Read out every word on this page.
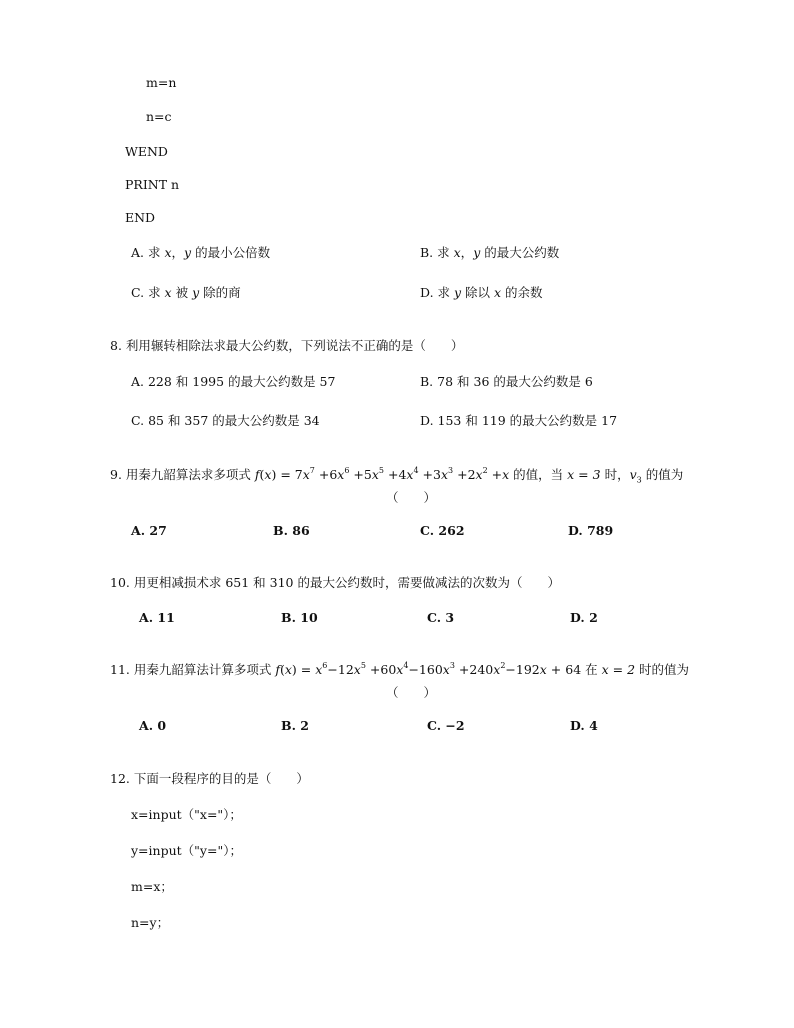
m=n
n=c
WEND
PRINT n
END
A. 求 x，y 的最小公倍数	B. 求 x，y 的最大公约数
C. 求 x 被 y 除的商	D. 求 y 除以 x 的余数
8. 利用辗转相除法求最大公约数，下列说法不正确的是（　　）
A. 228 和 1995 的最大公约数是 57	B. 78 和 36 的最大公约数是 6
C. 85 和 357 的最大公约数是 34	D. 153 和 119 的最大公约数是 17
9. 用秦九韶算法求多项式 $f(x) = 7x^7 +6x^6 +5x^5 +4x^4 +3x^3 +2x^2 +x$ 的值，当 x = 3 时，$v_3$ 的值为
（　　）
A. 27	B. 86	C. 262	D. 789
10. 用更相减损术求 651 和 310 的最大公约数时，需要做减法的次数为（　　）
A. 11	B. 10	C. 3	D. 2
11. 用秦九韶算法计算多项式 $f(x) = x^6-12x^5 +60x^4-160x^3 +240x^2-192x + 64$ 在 x = 2 时的值为
（　　）
A. 0	B. 2	C. −2	D. 4
12. 下面一段程序的目的是（　　）
x=input（"x="）；
y=input（"y="）；
m=x；
n=y；
